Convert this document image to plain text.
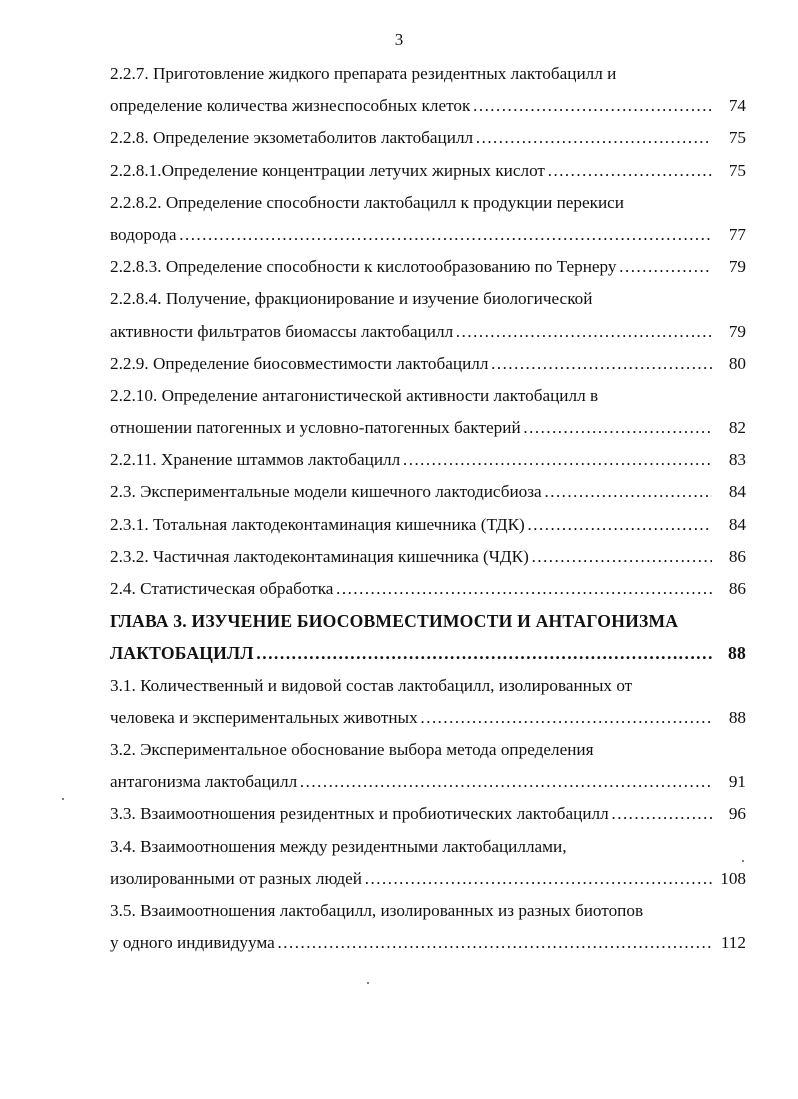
3
2.2.7. Приготовление жидкого препарата резидентных лактобацилл и
определение количества жизнеспособных клеток …………………………………………………………………………………………………………………………………………………………………	74
2.2.8. Определение экзометаболитов лактобацилл …………………………………………………………………………………………………………………………………………………………………	75
2.2.8.1.Определение концентрации летучих жирных кислот …………………………………………………………………………………………………………………………………………………………………	75
2.2.8.2. Определение способности лактобацилл к продукции перекиси
водорода …………………………………………………………………………………………………………………………………………………………………	77
2.2.8.3. Определение способности к кислотообразованию по Тернеру …………………………………………………………………………………………………………………………………………………………………	79
2.2.8.4. Получение, фракционирование и изучение биологической
активности фильтратов биомассы лактобацилл …………………………………………………………………………………………………………………………………………………………………	79
2.2.9. Определение биосовместимости лактобацилл …………………………………………………………………………………………………………………………………………………………………	80
2.2.10. Определение антагонистической активности лактобацилл в
отношении патогенных и условно-патогенных бактерий …………………………………………………………………………………………………………………………………………………………………	82
2.2.11. Хранение штаммов лактобацилл …………………………………………………………………………………………………………………………………………………………………	83
2.3. Экспериментальные модели кишечного лактодисбиоза …………………………………………………………………………………………………………………………………………………………………	84
2.3.1. Тотальная лактодеконтаминация кишечника (ТДК) …………………………………………………………………………………………………………………………………………………………………	84
2.3.2. Частичная лактодеконтаминация кишечника (ЧДК) …………………………………………………………………………………………………………………………………………………………………	86
2.4. Статистическая обработка …………………………………………………………………………………………………………………………………………………………………	86
ГЛАВА 3. ИЗУЧЕНИЕ БИОСОВМЕСТИМОСТИ И АНТАГОНИЗМА
ЛАКТОБАЦИЛЛ …………………………………………………………………………………………………………………………………………………………………	88
3.1. Количественный и видовой состав лактобацилл, изолированных от
человека и экспериментальных животных …………………………………………………………………………………………………………………………………………………………………	88
3.2. Экспериментальное обоснование выбора метода определения
антагонизма лактобацилл …………………………………………………………………………………………………………………………………………………………………	91
3.3. Взаимоотношения резидентных и пробиотических лактобацилл …………………………………………………………………………………………………………………………………………………………………	96
3.4. Взаимоотношения между резидентными лактобациллами,
изолированными от разных людей …………………………………………………………………………………………………………………………………………………………………	108
3.5. Взаимоотношения лактобацилл, изолированных из разных биотопов
у одного индивидуума …………………………………………………………………………………………………………………………………………………………………	112
